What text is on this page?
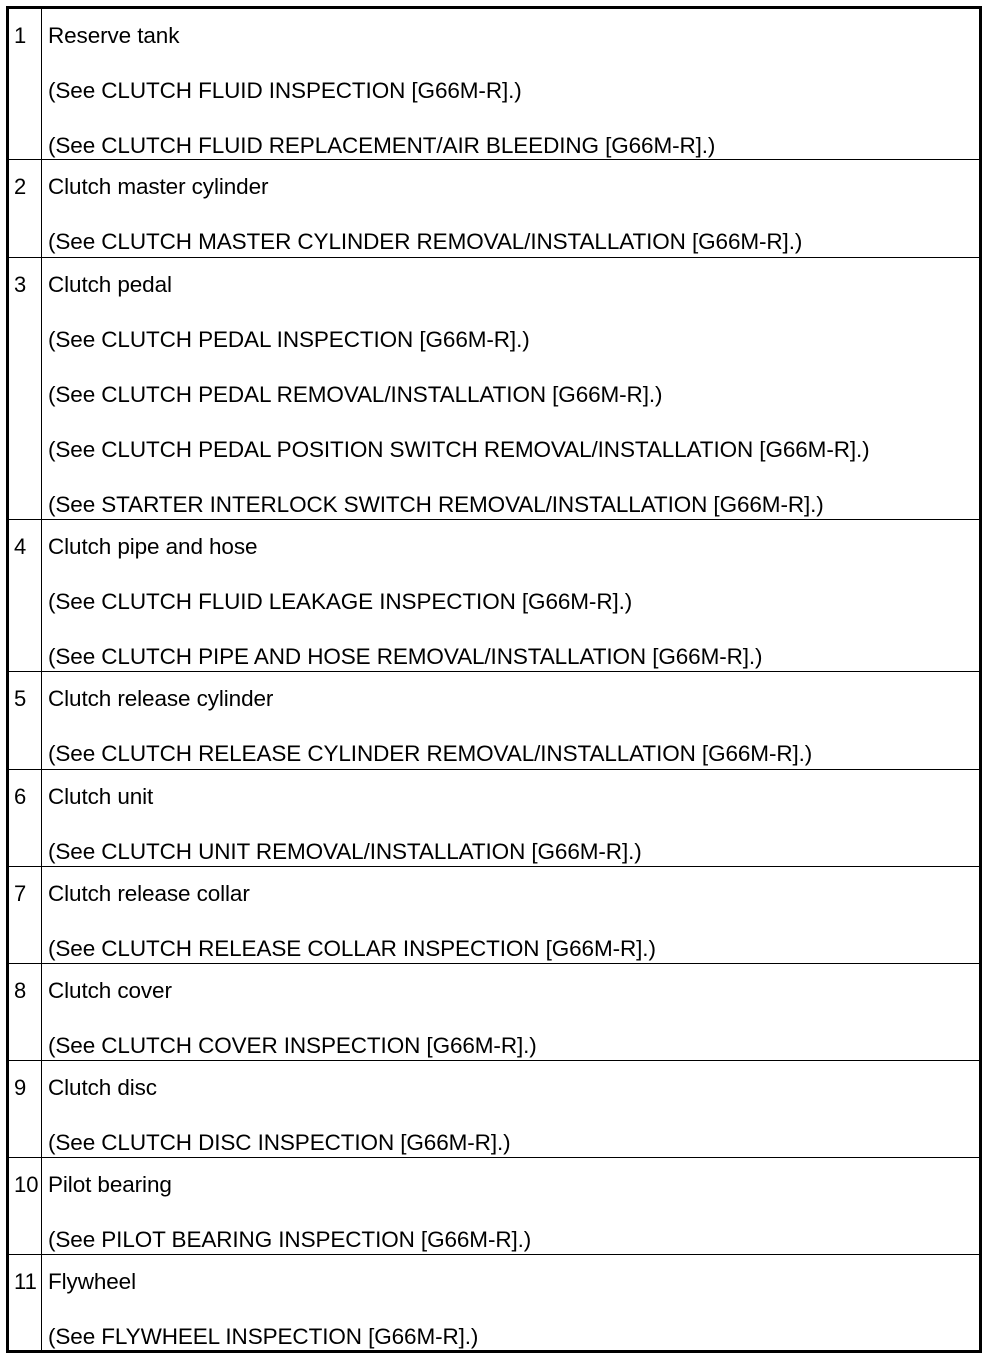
1	Reserve tank
(See CLUTCH FLUID INSPECTION [G66M-R].)
(See CLUTCH FLUID REPLACEMENT/AIR BLEEDING [G66M-R].)

2	Clutch master cylinder
(See CLUTCH MASTER CYLINDER REMOVAL/INSTALLATION [G66M-R].)

3	Clutch pedal
(See CLUTCH PEDAL INSPECTION [G66M-R].)
(See CLUTCH PEDAL REMOVAL/INSTALLATION [G66M-R].)
(See CLUTCH PEDAL POSITION SWITCH REMOVAL/INSTALLATION [G66M-R].)
(See STARTER INTERLOCK SWITCH REMOVAL/INSTALLATION [G66M-R].)

4	Clutch pipe and hose
(See CLUTCH FLUID LEAKAGE INSPECTION [G66M-R].)
(See CLUTCH PIPE AND HOSE REMOVAL/INSTALLATION [G66M-R].)

5	Clutch release cylinder
(See CLUTCH RELEASE CYLINDER REMOVAL/INSTALLATION [G66M-R].)

6	Clutch unit
(See CLUTCH UNIT REMOVAL/INSTALLATION [G66M-R].)

7	Clutch release collar
(See CLUTCH RELEASE COLLAR INSPECTION [G66M-R].)

8	Clutch cover
(See CLUTCH COVER INSPECTION [G66M-R].)

9	Clutch disc
(See CLUTCH DISC INSPECTION [G66M-R].)

10	Pilot bearing
(See PILOT BEARING INSPECTION [G66M-R].)

11	Flywheel
(See FLYWHEEL INSPECTION [G66M-R].)
